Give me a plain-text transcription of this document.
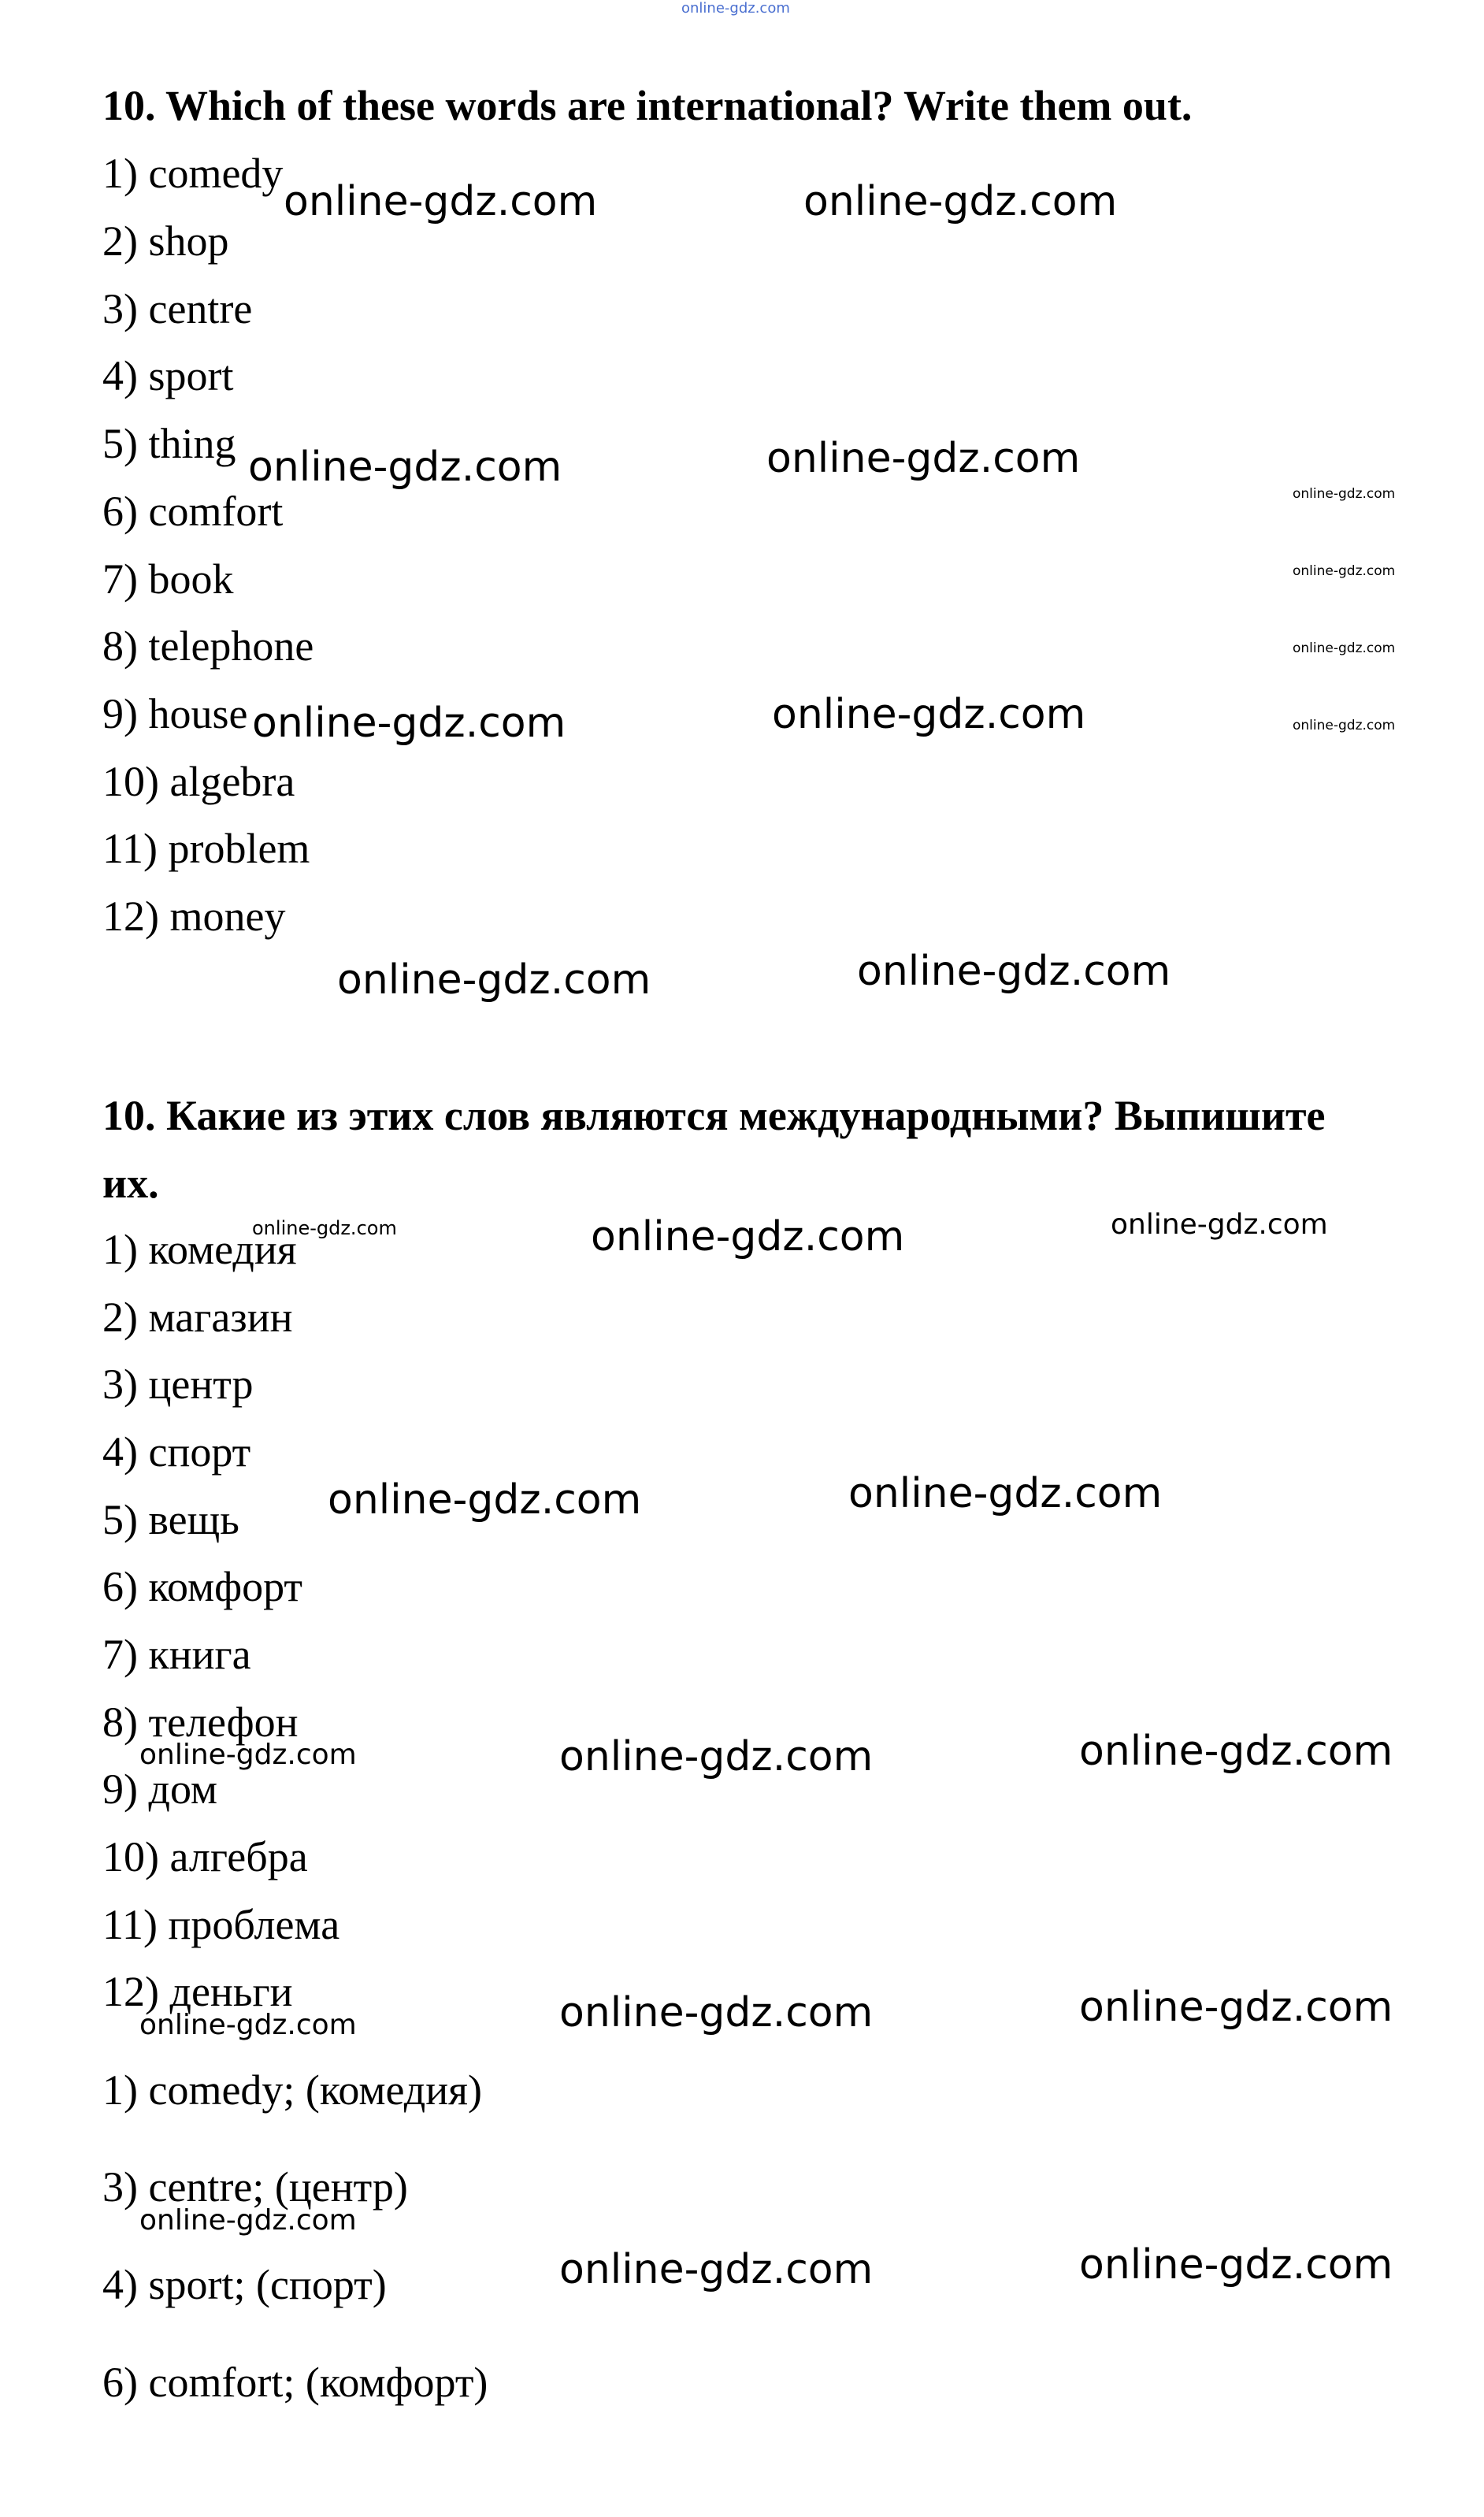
online-gdz.com
10. Which of these words are international? Write them out.
1) comedy
2) shop
3) centre
4) sport
5) thing
6) comfort
7) book
8) telephone
9) house
10) algebra
11) problem
12) money
10. Какие из этих слов являются международными? Выпишите
их.
1) комедия
2) магазин
3) центр
4) спорт
5) вещь
6) комфорт
7) книга
8) телефон
9) дом
10) алгебра
11) проблема
12) деньги
1) comedy; (комедия)
3) centre; (центр)
4) sport; (спорт)
6) comfort; (комфорт)
online-gdz.com	online-gdz.com
online-gdz.com	online-gdz.com
online-gdz.com
online-gdz.com
online-gdz.com
online-gdz.com
online-gdz.com	online-gdz.com
online-gdz.com	online-gdz.com
online-gdz.com	online-gdz.com	online-gdz.com
online-gdz.com	online-gdz.com
online-gdz.com	online-gdz.com	online-gdz.com
online-gdz.com	online-gdz.com	online-gdz.com
online-gdz.com
online-gdz.com	online-gdz.com
